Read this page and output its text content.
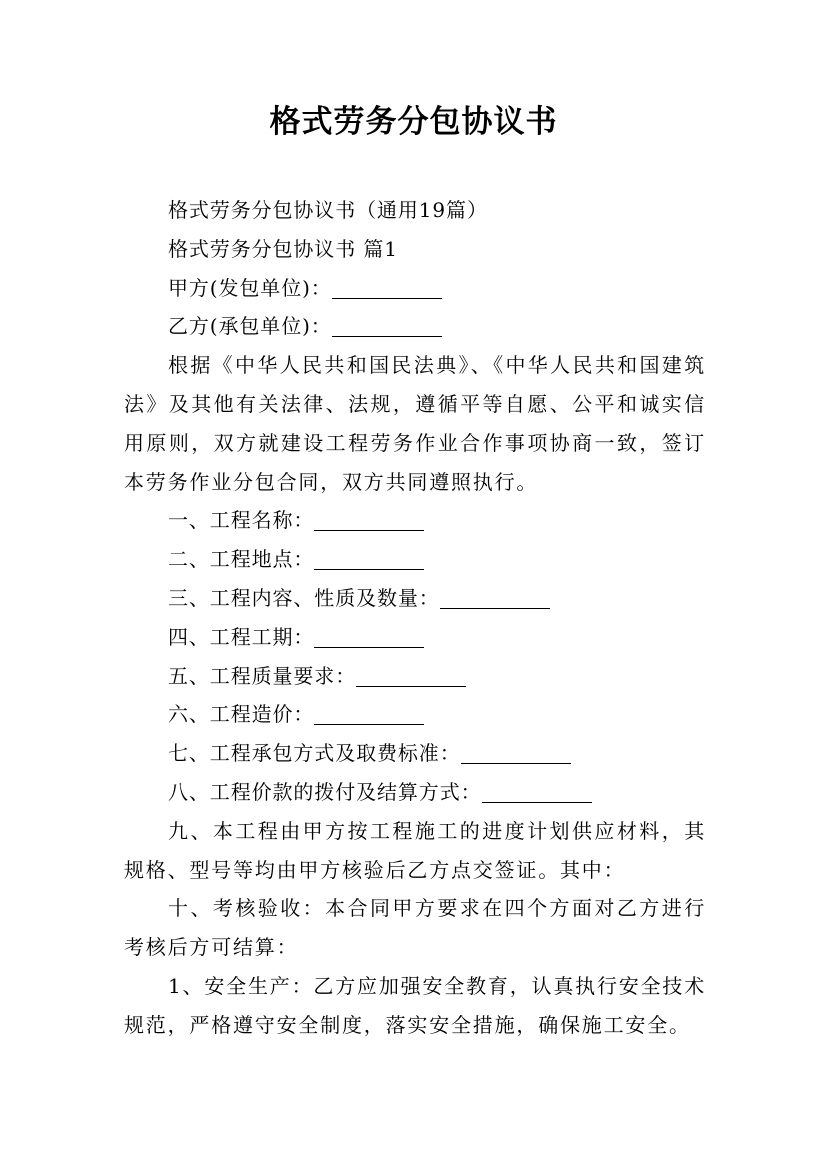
格式劳务分包协议书

格式劳务分包协议书（通用19篇）

格式劳务分包协议书 篇1

甲方(发包单位)：

乙方(承包单位)：

根据《中华人民共和国民法典》、《中华人民共和国建筑法》及其他有关法律、法规，遵循平等自愿、公平和诚实信用原则，双方就建设工程劳务作业合作事项协商一致，签订本劳务作业分包合同，双方共同遵照执行。

一、工程名称：

二、工程地点：

三、工程内容、性质及数量：

四、工程工期：

五、工程质量要求：

六、工程造价：

七、工程承包方式及取费标准：

八、工程价款的拨付及结算方式：

九、本工程由甲方按工程施工的进度计划供应材料，其规格、型号等均由甲方核验后乙方点交签证。其中：

十、考核验收：本合同甲方要求在四个方面对乙方进行考核后方可结算：

1、安全生产：乙方应加强安全教育，认真执行安全技术规范，严格遵守安全制度，落实安全措施，确保施工安全。
